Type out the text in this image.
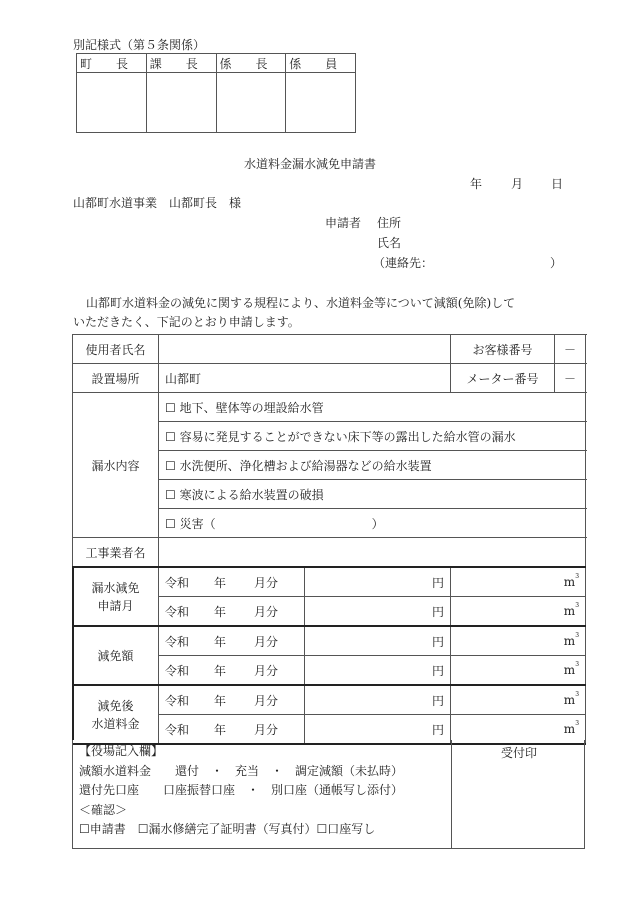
別記様式（第５条関係）
町　　長	課　　長	係　　長	係　　員

水道料金漏水減免申請書
年 月 日
山都町水道事業　山都町長　様
申請者 住所
氏名
（連絡先：	）
山都町水道料金の減免に関する規程により、水道料金等について減額(免除)して
いただきたく、下記のとおり申請します。
使用者氏名			お客様番号	－
設置場所	山都町		メーター番号	－
漏水内容	☐ 地下、壁体等の埋設給水管			
	☐ 容易に発見することができない床下等の露出した給水管の漏水			
	☐ 水洗便所、浄化槽および給湯器などの給水装置			
	☐ 寒波による給水装置の破損			
	☐ 災害（　　　　　　　　　　　　　）			
工事業者名				
漏水減免
申請月	令和 年 月分	円	$m^3$
	令和 年 月分	円	$m^3$
減免額	令和 年 月分	円	$m^3$
	令和 年 月分	円	$m^3$
減免後
水道料金	令和 年 月分	円	$m^3$
	令和 年 月分	円	$m^3$
【役場記入欄】
減額水道料金　　還付　・　充当　・　調定減額（未払時）
還付先口座　　口座振替口座　・　別口座（通帳写し添付）
＜確認＞
☐申請書　☐漏水修繕完了証明書（写真付）☐口座写し
受付印
